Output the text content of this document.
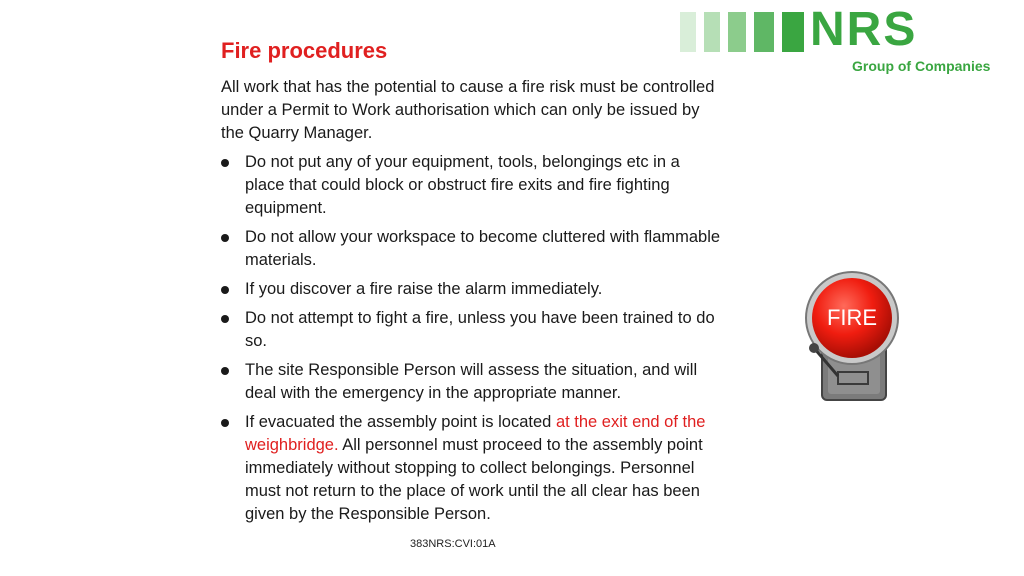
NRS
Group of Companies
Fire procedures

All work that has the potential to cause a fire risk must be controlled under a Permit to Work authorisation which can only be issued by the Quarry Manager.

Do not put any of your equipment, tools, belongings etc in a place that could block or obstruct fire exits and fire fighting equipment.
Do not allow your workspace to become cluttered with flammable materials.
If you discover a fire raise the alarm immediately.
Do not attempt to fight a fire, unless you have been trained to do so.
The site Responsible Person will assess the situation, and will deal with the emergency in the appropriate manner.
If evacuated the assembly point is located at the exit end of the weighbridge. All personnel must proceed to the assembly point immediately without stopping to collect belongings. Personnel must not return to the place of work until the all clear has been given by the Responsible Person.
FIRE
383NRS:CVI:01A
